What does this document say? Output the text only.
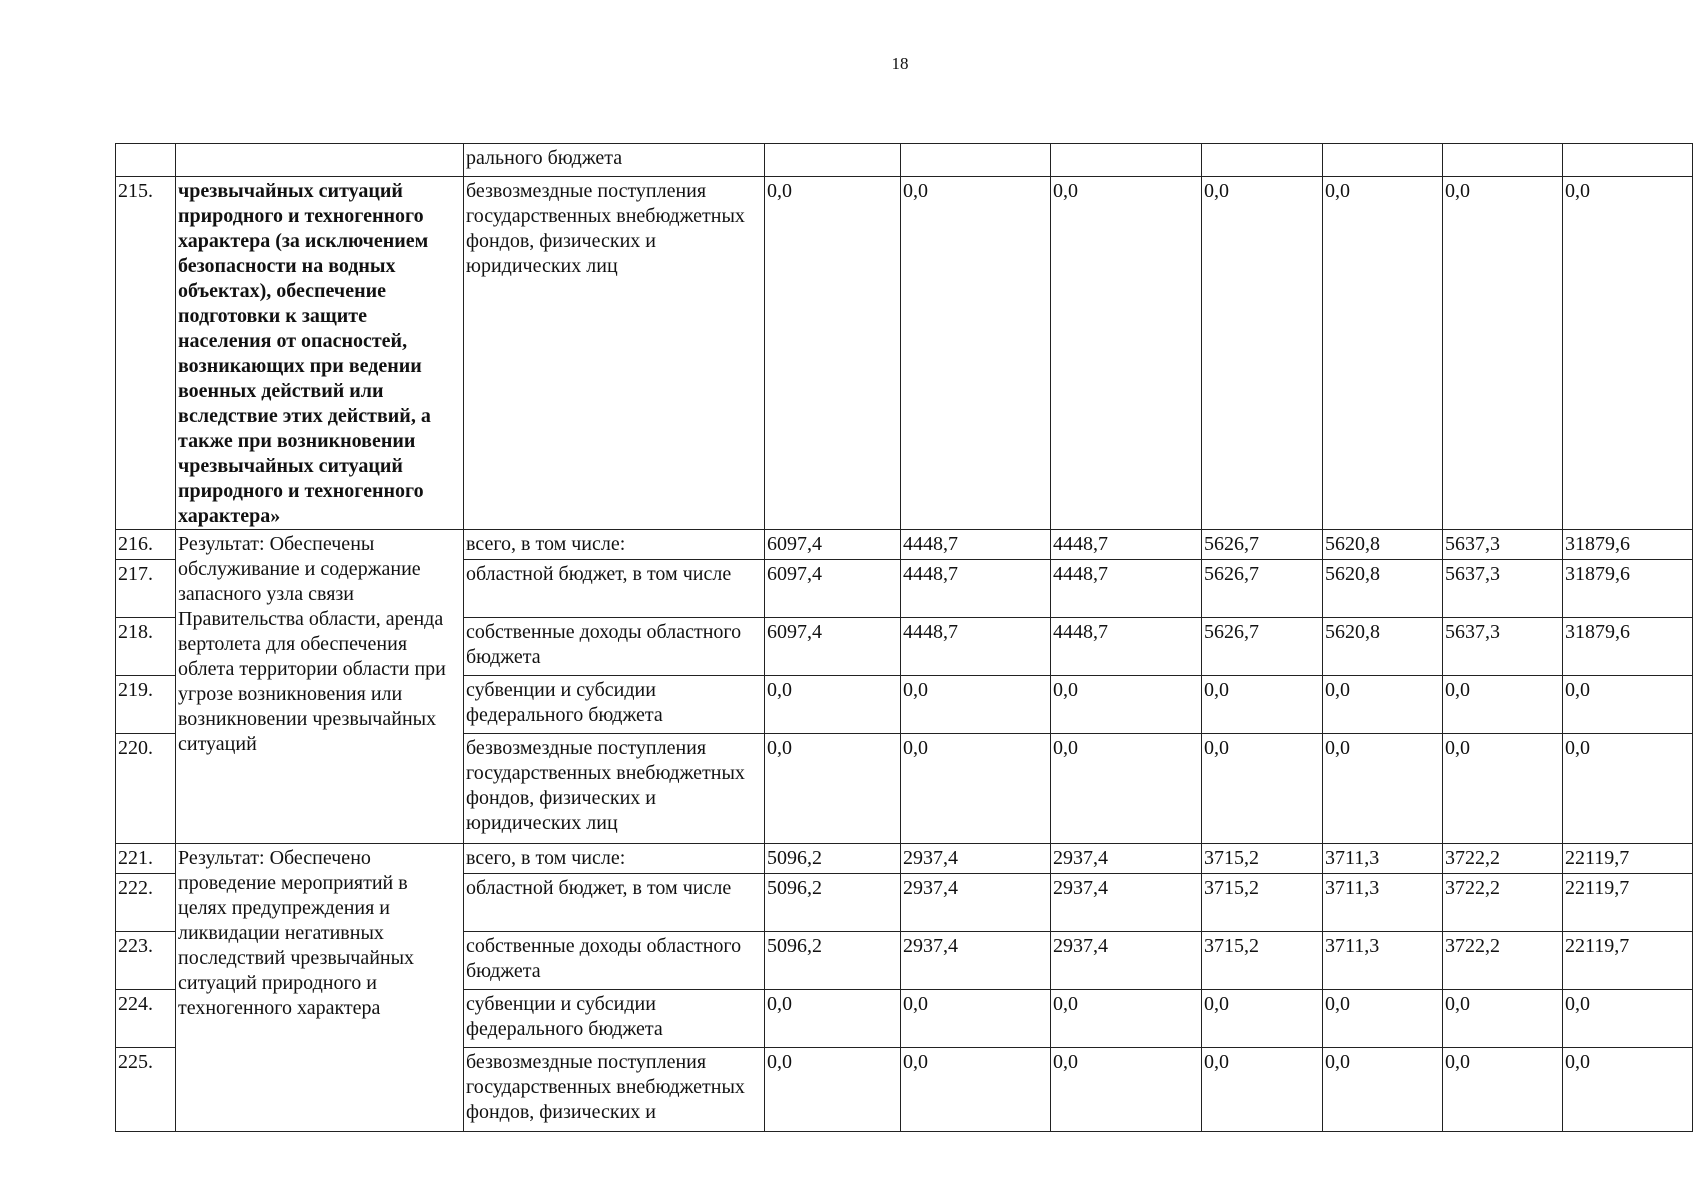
18
		рального бюджета							
215.	чрезвычайных ситуаций природного и техногенного характера (за исключением безопасности на водных объектах), обеспечение подготовки к защите населения от опасностей, возникающих при ведении военных действий или вследствие этих действий, а также при возникновении чрезвычайных ситуаций природного и техногенного характера»	безвозмездные поступления государственных внебюджетных фондов, физических и юридических лиц	0,0	0,0	0,0	0,0	0,0	0,0	0,0
216.	Результат: Обеспечены обслуживание и содержание запасного узла связи Правительства области, аренда вертолета для обеспечения облета территории области при угрозе возникновения или возникновении чрезвычайных ситуаций	всего, в том числе:	6097,4	4448,7	4448,7	5626,7	5620,8	5637,3	31879,6
217.		областной бюджет, в том числе	6097,4	4448,7	4448,7	5626,7	5620,8	5637,3	31879,6
218.		собственные доходы областного бюджета	6097,4	4448,7	4448,7	5626,7	5620,8	5637,3	31879,6
219.		субвенции и субсидии федерального бюджета	0,0	0,0	0,0	0,0	0,0	0,0	0,0
220.		безвозмездные поступления государственных внебюджетных фондов, физических и юридических лиц	0,0	0,0	0,0	0,0	0,0	0,0	0,0
221.	Результат: Обеспечено проведение мероприятий в целях предупреждения и ликвидации негативных последствий чрезвычайных ситуаций природного и техногенного характера	всего, в том числе:	5096,2	2937,4	2937,4	3715,2	3711,3	3722,2	22119,7
222.		областной бюджет, в том числе	5096,2	2937,4	2937,4	3715,2	3711,3	3722,2	22119,7
223.		собственные доходы областного бюджета	5096,2	2937,4	2937,4	3715,2	3711,3	3722,2	22119,7
224.		субвенции и субсидии федерального бюджета	0,0	0,0	0,0	0,0	0,0	0,0	0,0
225.		безвозмездные поступления государственных внебюджетных фондов, физических и	0,0	0,0	0,0	0,0	0,0	0,0	0,0
